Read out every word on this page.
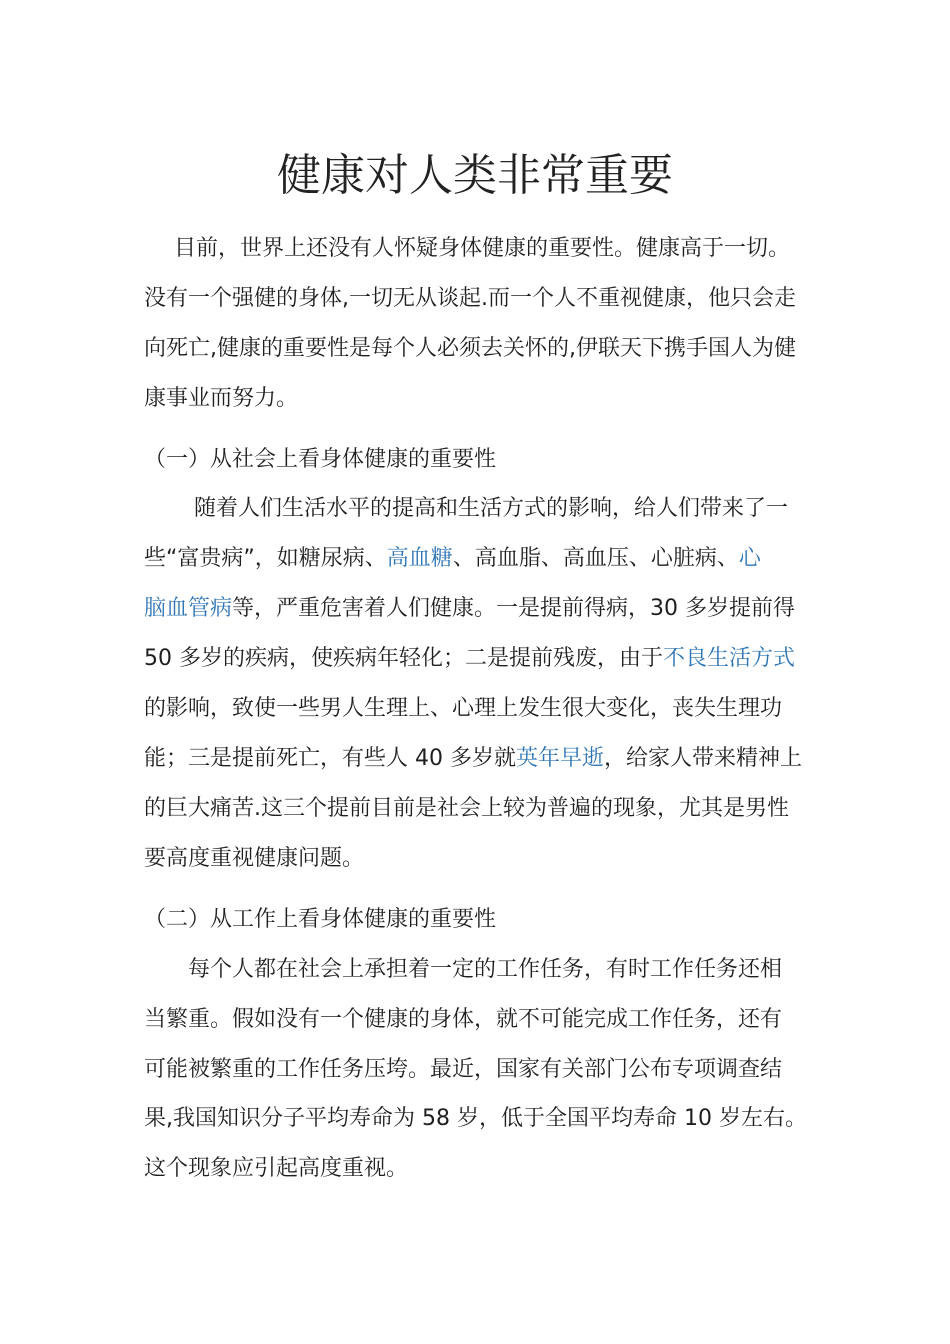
健康对人类非常重要
目前，世界上还没有人怀疑身体健康的重要性。健康高于一切。
没有一个强健的身体,一切无从谈起.而一个人不重视健康，他只会走
向死亡,健康的重要性是每个人必须去关怀的,伊联天下携手国人为健
康事业而努力。
（一）从社会上看身体健康的重要性
随着人们生活水平的提高和生活方式的影响，给人们带来了一
些“富贵病”，如糖尿病、高血糖、高血脂、高血压、心脏病、心
脑血管病等，严重危害着人们健康。一是提前得病，30 多岁提前得
50 多岁的疾病，使疾病年轻化；二是提前残废，由于不良生活方式
的影响，致使一些男人生理上、心理上发生很大变化，丧失生理功
能；三是提前死亡，有些人 40 多岁就英年早逝，给家人带来精神上
的巨大痛苦.这三个提前目前是社会上较为普遍的现象，尤其是男性
要高度重视健康问题。
（二）从工作上看身体健康的重要性
每个人都在社会上承担着一定的工作任务，有时工作任务还相
当繁重。假如没有一个健康的身体，就不可能完成工作任务，还有
可能被繁重的工作任务压垮。最近，国家有关部门公布专项调查结
果,我国知识分子平均寿命为 58 岁，低于全国平均寿命 10 岁左右。
这个现象应引起高度重视。
